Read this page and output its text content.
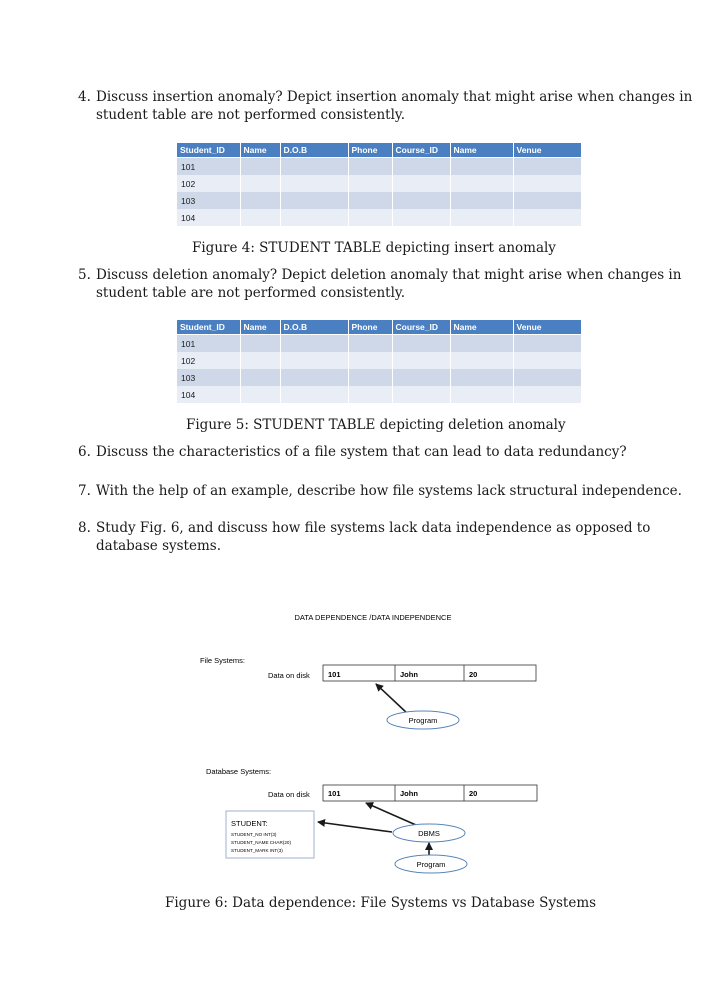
4. Discuss insertion anomaly? Depict insertion anomaly that might arise when changes in student table are not performed consistently.
Student_ID	Name	D.O.B	Phone	Course_ID	Name	Venue
101						
102						
103						
104						
Figure 4: STUDENT TABLE depicting insert anomaly
5. Discuss deletion anomaly? Depict deletion anomaly that might arise when changes in student table are not performed consistently.
Student_ID	Name	D.O.B	Phone	Course_ID	Name	Venue
101						
102						
103						
104						
Figure 5: STUDENT TABLE depicting deletion anomaly
6. Discuss the characteristics of a file system that can lead to data redundancy?
7. With the help of an example, describe how file systems lack structural independence.
8. Study Fig. 6, and discuss how file systems lack data independence as opposed to database systems.
DATA DEPENDENCE /DATA INDEPENDENCE
File Systems:
Data on disk 101	John	20
Program
Database Systems:
Data on disk 101	John	20
STUDENT:
STUDENT_NO INT(3)
STUDENT_NAME CHAR(20)
STUDENT_MARK INT(3)
DBMS
Program
Figure 6: Data dependence: File Systems vs Database Systems
